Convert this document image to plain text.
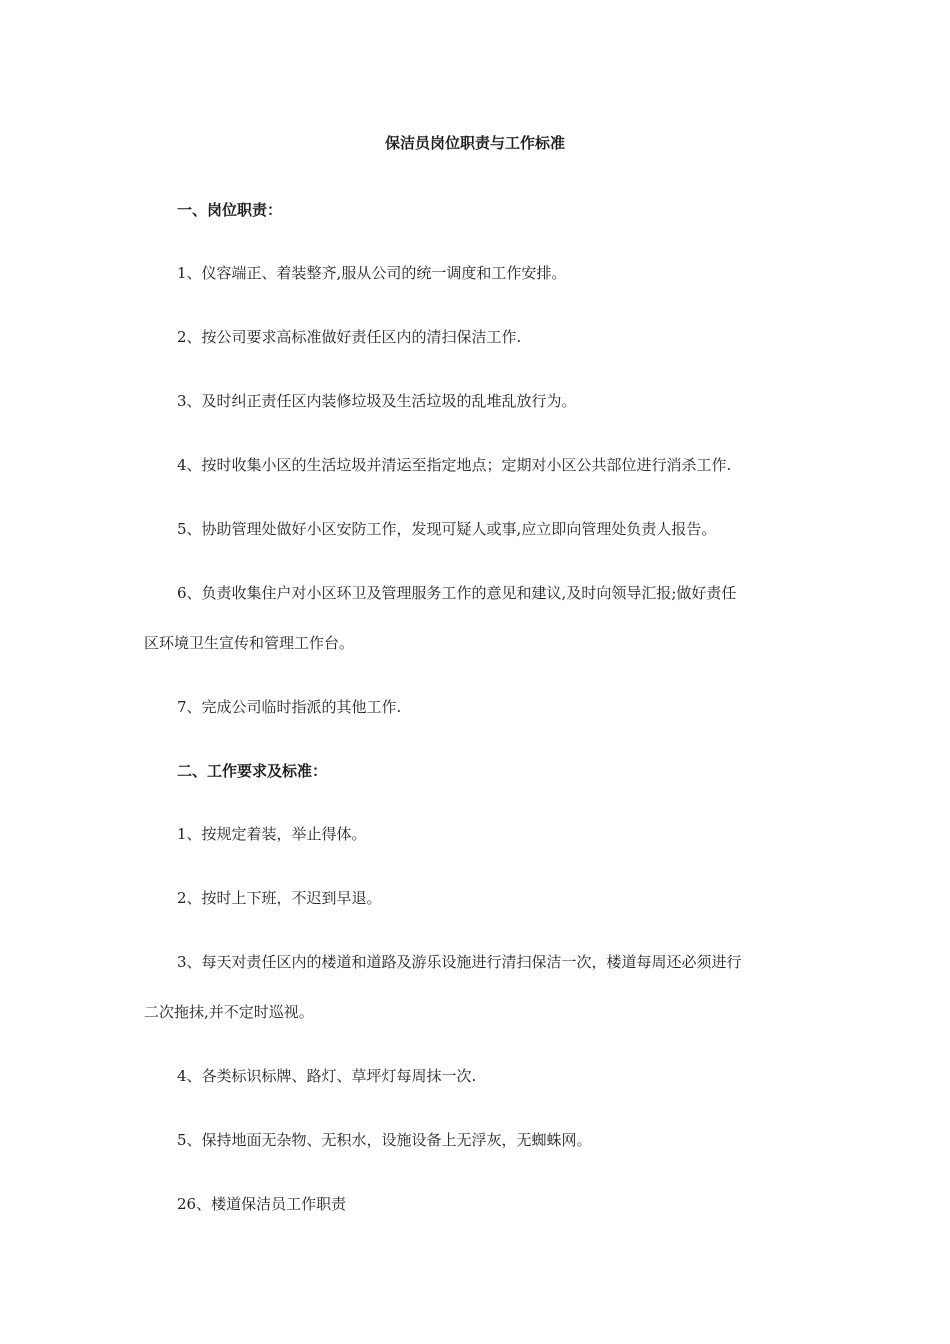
保洁员岗位职责与工作标准
一、岗位职责：
1、仪容端正、着装整齐,服从公司的统一调度和工作安排。
2、按公司要求高标准做好责任区内的清扫保洁工作.
3、及时纠正责任区内装修垃圾及生活垃圾的乱堆乱放行为。
4、按时收集小区的生活垃圾并清运至指定地点；定期对小区公共部位进行消杀工作.
5、协助管理处做好小区安防工作，发现可疑人或事,应立即向管理处负责人报告。
6、负责收集住户对小区环卫及管理服务工作的意见和建议,及时向领导汇报;做好责任
区环境卫生宣传和管理工作台。
7、完成公司临时指派的其他工作.
二、工作要求及标准：
1、按规定着装，举止得体。
2、按时上下班，不迟到早退。
3、每天对责任区内的楼道和道路及游乐设施进行清扫保洁一次，楼道每周还必须进行
二次拖抹,并不定时巡视。
4、各类标识标牌、路灯、草坪灯每周抹一次.
5、保持地面无杂物、无积水，设施设备上无浮灰，无蜘蛛网。
26、楼道保洁员工作职责
